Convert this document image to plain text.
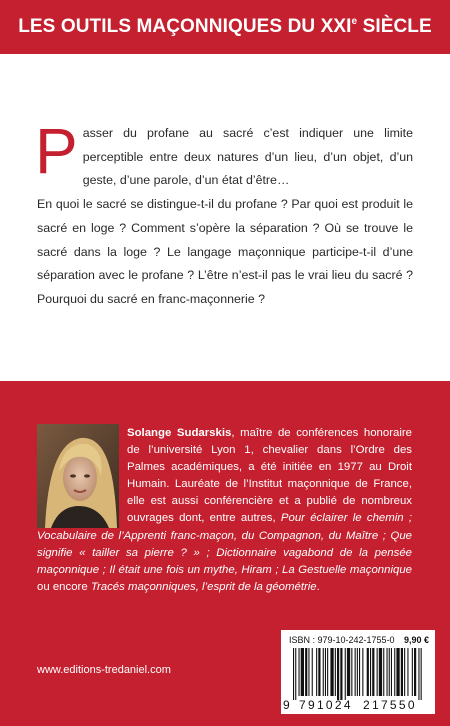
LES OUTILS MAÇONNIQUES DU XXIe SIÈCLE

Passer du profane au sacré c’est indiquer une limite perceptible entre deux natures d’un lieu, d’un objet, d’un geste, d’une parole, d’un état d’être…

En quoi le sacré se distingue-t-il du profane ? Par quoi est produit le sacré en loge ? Comment s’opère la séparation ? Où se trouve le sacré dans la loge ? Le langage maçonnique participe-t-il d’une séparation avec le profane ? L’être n’est-il pas le vrai lieu du sacré ? Pourquoi du sacré en franc-maçonnerie ?

Solange Sudarskis, maître de conférences honoraire de l’université Lyon 1, chevalier dans l’Ordre des Palmes académiques, a été initiée en 1977 au Droit Humain. Lauréate de l’Institut maçonnique de France, elle est aussi conférencière et a publié de nombreux ouvrages dont, entre autres, Pour éclairer le chemin ; Vocabulaire de l’Apprenti franc-maçon, du Compagnon, du Maître ; Que signifie « tailler sa pierre ? » ; Dictionnaire vagabond de la pensée maçonnique ; Il était une fois un mythe, Hiram ; La Gestuelle maçonnique ou encore Tracés maçonniques, l’esprit de la géométrie.

www.editions-tredaniel.com
ISBN : 979-10-242-1755-0 9,90 €
9 791024 217550
